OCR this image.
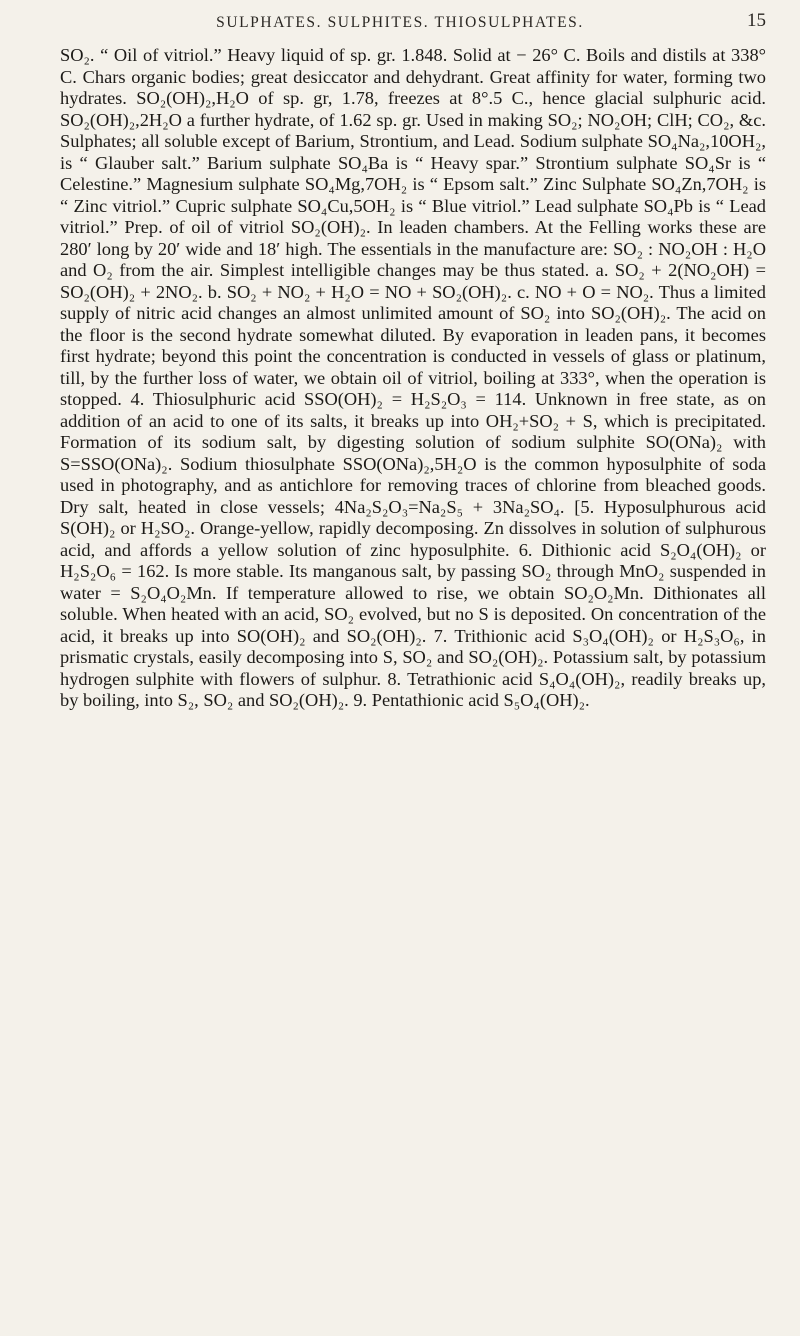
SULPHATES. SULPHITES. THIOSULPHATES.	15

SO₂. “ Oil of vitriol.” Heavy liquid of sp. gr. 1.848. Solid at − 26° C. Boils and distils at 338° C. Chars organic bodies; great desiccator and dehydrant. Great affinity for water, forming two hydrates. SO₂(OH)₂,H₂O of sp. gr, 1.78, freezes at 8°.5 C., hence glacial sulphuric acid. SO₂(OH)₂,2H₂O a further hydrate, of 1.62 sp. gr. Used in making SO₂; NO₂OH; ClH; CO₂, &c. Sulphates; all soluble except of Barium, Strontium, and Lead. Sodium sulphate SO₄Na₂,10OH₂, is “ Glauber salt.” Barium sulphate SO₄Ba is “ Heavy spar.” Strontium sulphate SO₄Sr is “ Celestine.” Magnesium sulphate SO₄Mg,7OH₂ is “ Epsom salt.” Zinc Sulphate SO₄Zn,7OH₂ is “ Zinc vitriol.” Cupric sulphate SO₄Cu,5OH₂ is “ Blue vitriol.” Lead sulphate SO₄Pb is “ Lead vitriol.” Prep. of oil of vitriol SO₂(OH)₂. In leaden chambers. At the Felling works these are 280′ long by 20′ wide and 18′ high. The essentials in the manufacture are: SO₂ : NO₂OH : H₂O and O₂ from the air. Simplest intelligible changes may be thus stated. a. SO₂ + 2(NO₂OH) = SO₂(OH)₂ + 2NO₂. b. SO₂ + NO₂ + H₂O = NO + SO₂(OH)₂. c. NO + O = NO₂. Thus a limited supply of nitric acid changes an almost unlimited amount of SO₂ into SO₂(OH)₂. The acid on the floor is the second hydrate somewhat diluted. By evaporation in leaden pans, it becomes first hydrate; beyond this point the concentration is conducted in vessels of glass or platinum, till, by the further loss of water, we obtain oil of vitriol, boiling at 333°, when the operation is stopped. 4. Thiosulphuric acid SSO(OH)₂ = H₂S₂O₃ = 114. Unknown in free state, as on addition of an acid to one of its salts, it breaks up into OH₂+SO₂ + S, which is precipitated. Formation of its sodium salt, by digesting solution of sodium sulphite SO(ONa)₂ with S=SSO(ONa)₂. Sodium thiosulphate SSO(ONa)₂,5H₂O is the common hyposulphite of soda used in photography, and as antichlore for removing traces of chlorine from bleached goods. Dry salt, heated in close vessels; 4Na₂S₂O₃=Na₂S₅ + 3Na₂SO₄. [5. Hyposulphurous acid S(OH)₂ or H₂SO₂. Orange-yellow, rapidly decomposing. Zn dissolves in solution of sulphurous acid, and affords a yellow solution of zinc hyposulphite. 6. Dithionic acid S₂O₄(OH)₂ or H₂S₂O₆ = 162. Is more stable. Its manganous salt, by passing SO₂ through MnO₂ suspended in water = S₂O₄O₂Mn. If temperature allowed to rise, we obtain SO₂O₂Mn. Dithionates all soluble. When heated with an acid, SO₂ evolved, but no S is deposited. On concentration of the acid, it breaks up into SO(OH)₂ and SO₂(OH)₂. 7. Trithionic acid S₃O₄(OH)₂ or H₂S₃O₆, in prismatic crystals, easily decomposing into S, SO₂ and SO₂(OH)₂. Potassium salt, by potassium hydrogen sulphite with flowers of sulphur. 8. Tetrathionic acid S₄O₄(OH)₂, readily breaks up, by boiling, into S₂, SO₂ and SO₂(OH)₂. 9. Pentathionic acid S₅O₄(OH)₂.
